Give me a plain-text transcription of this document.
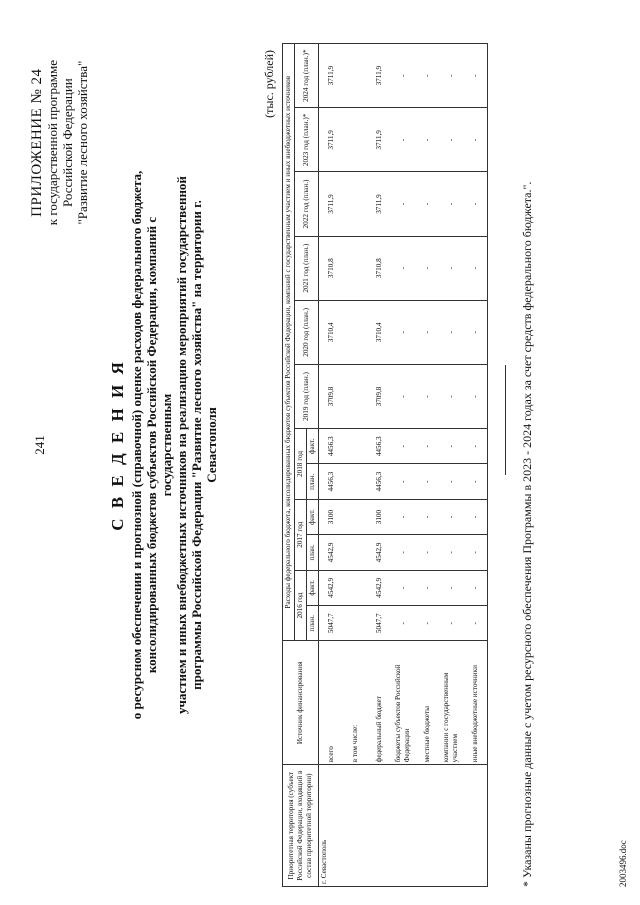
241
ПРИЛОЖЕНИЕ № 24 к государственной программе Российской Федерации "Развитие лесного хозяйства"
С В Е Д Е Н И Я о ресурсном обеспечении и прогнозной (справочной) оценке расходов федерального бюджета, консолидированных бюджетов субъектов Российской Федерации, компаний с государственным участием и иных внебюджетных источников на реализацию мероприятий государственной программы Российской Федерации "Развитие лесного хозяйства" на территории г. Севастополя
(тыс. рублей)
Приоритетная территория (субъект Российской Федерации, входящий в состав приоритетной территории)	Источник финансирования	Расходы федерального бюджета, консолидированных бюджетов субъектов Российской Федерации, компаний с государственным участием и иных внебюджетных источников											
		2016 год		2017 год		2018 год		2019 год (план.)	2020 год (план.)	2021 год (план.)	2022 год (план.)	2023 год (план.)*	2024 год (план.)*
		план.	факт.	план.	факт.	план.	факт.						
г. Севастополь	всего	5047,7	4542,9	4542,9	3100	4456,3	4456,3	3709,8	3710,4	3710,8	3711,9	3711,9	3711,9
	в том числе:												
	федеральный бюджет	5047,7	4542,9	4542,9	3100	4456,3	4456,3	3709,8	3710,4	3710,8	3711,9	3711,9	3711,9
	бюджеты субъектов Российской Федерации	-	-	-	-	-	-	-	-	-	-	-	-
	местные бюджеты	-	-	-	-	-	-	-	-	-	-	-	-
	компании с государственным участием	-	-	-	-	-	-	-	-	-	-	-	-
	иные внебюджетные источники	-	-	-	-	-	-	-	-	-	-	-	-
* Указаны прогнозные данные с учетом ресурсного обеспечения Программы в 2023 - 2024 годах за счет средств федерального бюджета.".	2003496.doc
